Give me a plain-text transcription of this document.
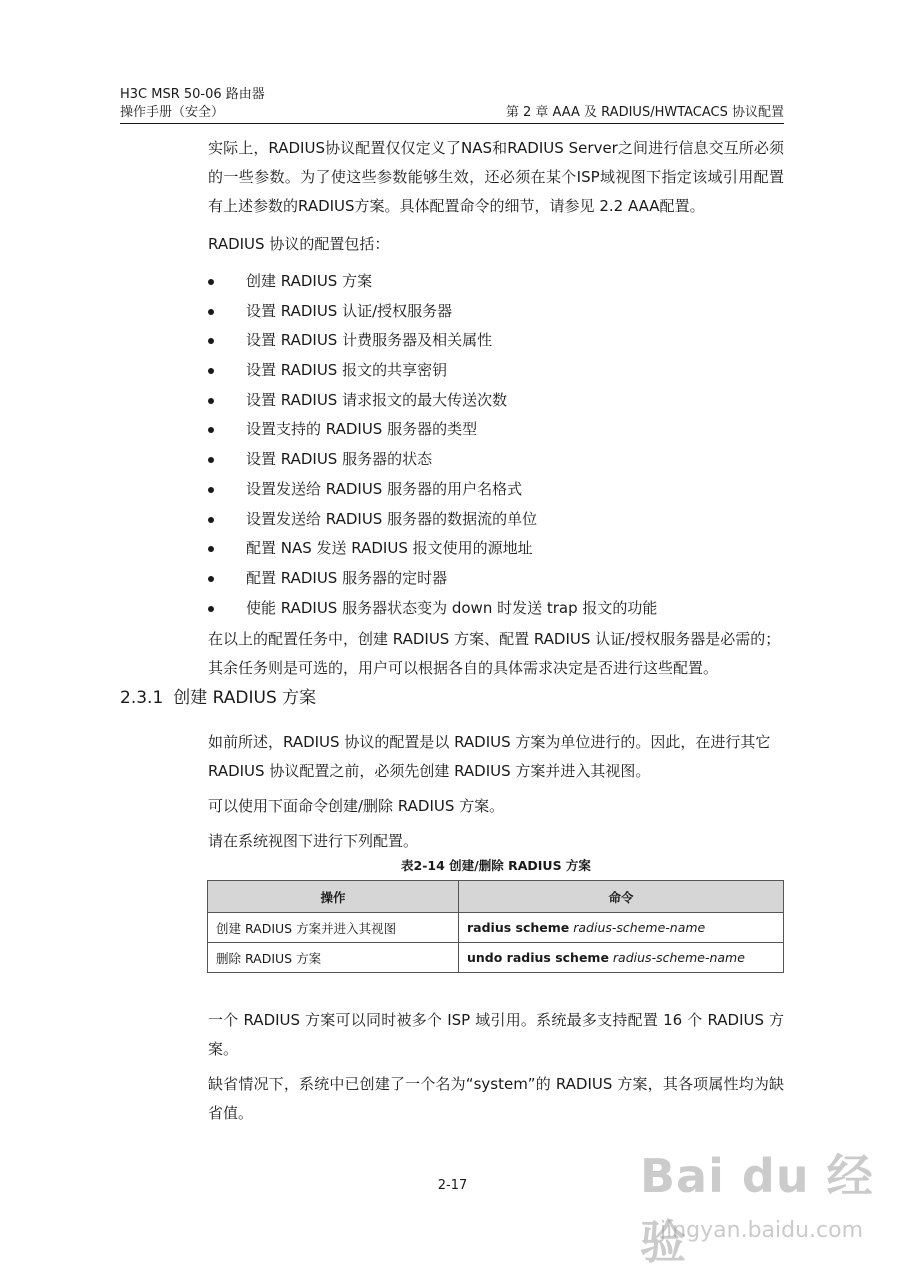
H3C MSR 50-06 路由器
操作手册（安全）	第 2 章 AAA 及 RADIUS/HWTACACS 协议配置

实际上，RADIUS协议配置仅仅定义了NAS和RADIUS Server之间进行信息交互所必须的一些参数。为了使这些参数能够生效，还必须在某个ISP域视图下指定该域引用配置有上述参数的RADIUS方案。具体配置命令的细节，请参见 2.2 AAA配置。

RADIUS 协议的配置包括：

创建 RADIUS 方案
设置 RADIUS 认证/授权服务器
设置 RADIUS 计费服务器及相关属性
设置 RADIUS 报文的共享密钥
设置 RADIUS 请求报文的最大传送次数
设置支持的 RADIUS 服务器的类型
设置 RADIUS 服务器的状态
设置发送给 RADIUS 服务器的用户名格式
设置发送给 RADIUS 服务器的数据流的单位
配置 NAS 发送 RADIUS 报文使用的源地址
配置 RADIUS 服务器的定时器
使能 RADIUS 服务器状态变为 down 时发送 trap 报文的功能

在以上的配置任务中，创建 RADIUS 方案、配置 RADIUS 认证/授权服务器是必需的；其余任务则是可选的，用户可以根据各自的具体需求决定是否进行这些配置。

2.3.1 创建 RADIUS 方案

如前所述，RADIUS 协议的配置是以 RADIUS 方案为单位进行的。因此，在进行其它 RADIUS 协议配置之前，必须先创建 RADIUS 方案并进入其视图。

可以使用下面命令创建/删除 RADIUS 方案。

请在系统视图下进行下列配置。

表2-14 创建/删除 RADIUS 方案
操作	命令
创建 RADIUS 方案并进入其视图	radius scheme radius-scheme-name
删除 RADIUS 方案	undo radius scheme radius-scheme-name

一个 RADIUS 方案可以同时被多个 ISP 域引用。系统最多支持配置 16 个 RADIUS 方案。

缺省情况下，系统中已创建了一个名为“system”的 RADIUS 方案，其各项属性均为缺省值。

2-17	Bai du 经验
jingyan.baidu.com
